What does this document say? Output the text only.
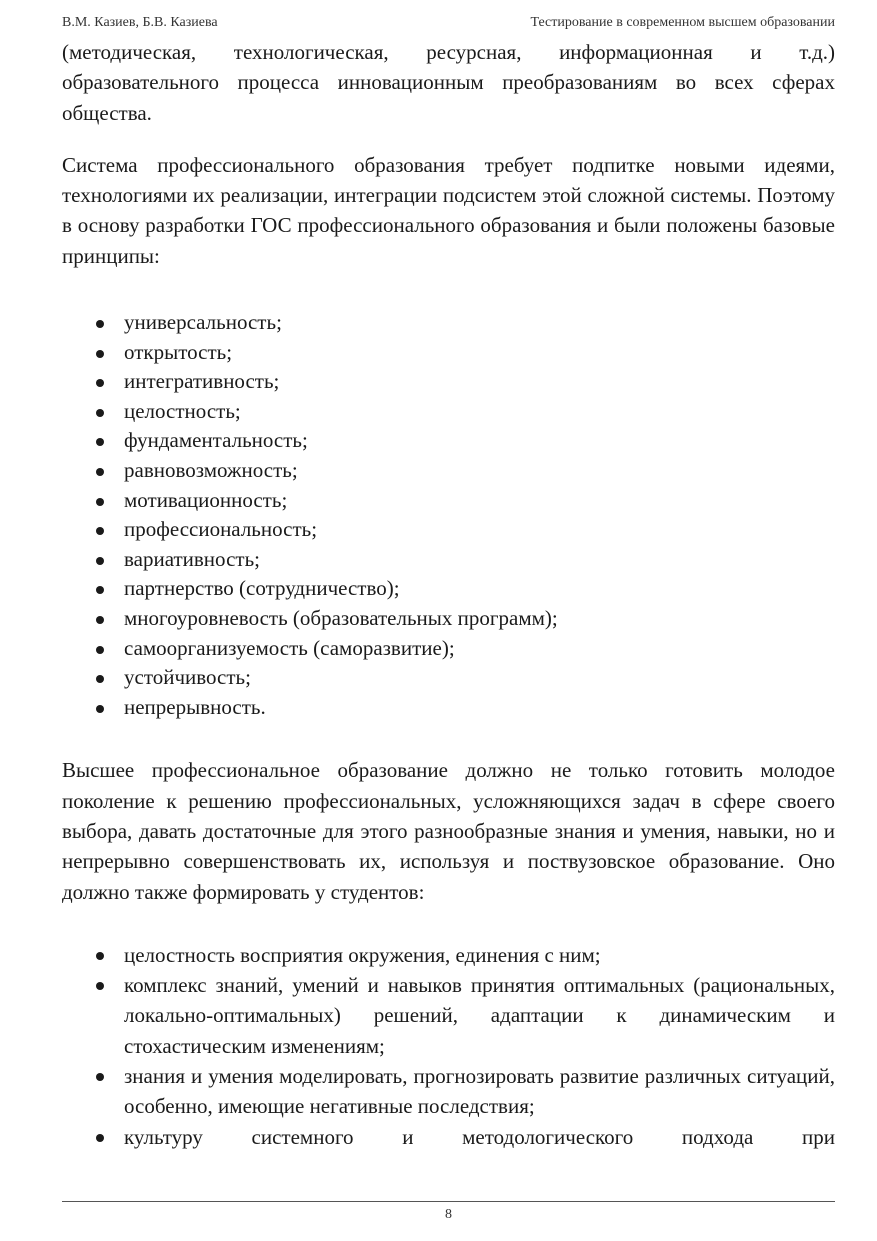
В.М. Казиев, Б.В. Казиева	Тестирование в современном высшем образовании

(методическая, технологическая, ресурсная, информационная и т.д.) образовательного процесса инновационным преобразованиям во всех сферах общества.

Система профессионального образования требует подпитке новыми идеями, технологиями их реализации, интеграции подсистем этой сложной системы. Поэтому в основу разработки ГОС профессионального образования и были положены базовые принципы:

универсальность;
открытость;
интегративность;
целостность;
фундаментальность;
равновозможность;
мотивационность;
профессиональность;
вариативность;
партнерство (сотрудничество);
многоуровневость (образовательных программ);
самоорганизуемость (саморазвитие);
устойчивость;
непрерывность.

Высшее профессиональное образование должно не только готовить молодое поколение к решению профессиональных, усложняющихся задач в сфере своего выбора, давать достаточные для этого разнообразные знания и умения, навыки, но и непрерывно совершенствовать их, используя и поствузовское образование. Оно должно также формировать у студентов:

целостность восприятия окружения, единения с ним;
комплекс знаний, умений и навыков принятия оптимальных (рациональных, локально-оптимальных) решений, адаптации к динамическим и стохастическим изменениям;
знания и умения моделировать, прогнозировать развитие различных ситуаций, особенно, имеющие негативные последствия;
культуру системного и методологического подхода при
8
